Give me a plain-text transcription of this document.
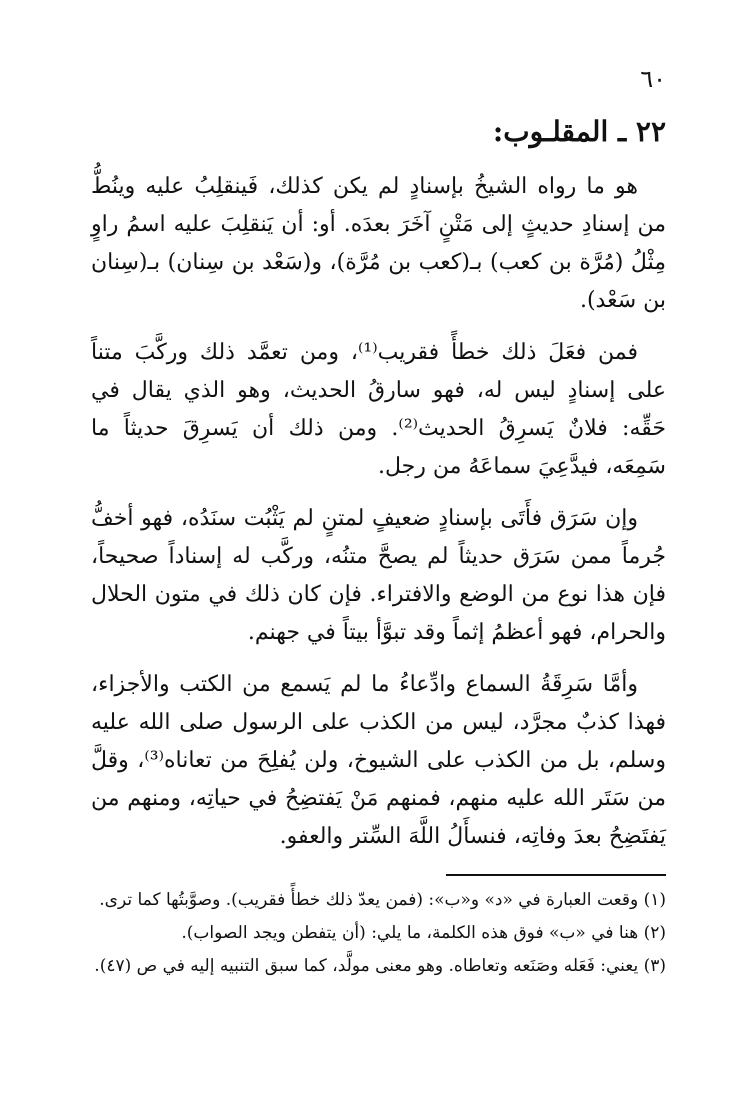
٦٠
٢٢ ـ المقلـوب:

هو ما رواه الشيخُ بإسنادٍ لم يكن كذلك، فَينقلِبُ عليه وينُطُّ من إسنادِ حديثٍ إلى مَتْنٍ آخَرَ بعدَه. أو: أن يَنقلِبَ عليه اسمُ راوٍ مِثْلُ (مُرَّة بن كعب) بـ(كعب بن مُرَّة)، و(سَعْد بن سِنان) بـ(سِنان بن سَعْد).

فمن فعَلَ ذلك خطأً فقريب⁽¹⁾، ومن تعمَّد ذلك وركَّبَ متناً على إسنادٍ ليس له، فهو سارقُ الحديث، وهو الذي يقال في حَقِّه: فلانٌ يَسرِقُ الحديث⁽²⁾. ومن ذلك أن يَسرِقَ حديثاً ما سَمِعَه، فيدَّعِيَ سماعَهُ من رجل.

وإن سَرَق فأَتَى بإسنادٍ ضعيفٍ لمتنٍ لم يَثْبُت سنَدُه، فهو أخفُّ جُرماً ممن سَرَق حديثاً لم يصحَّ متنُه، وركَّب له إسناداً صحيحاً، فإن هذا نوع من الوضع والافتراء. فإن كان ذلك في متون الحلال والحرام، فهو أعظمُ إثماً وقد تبوَّأ بيتاً في جهنم.

وأمَّا سَرِقَةُ السماع وادِّعاءُ ما لم يَسمع من الكتب والأجزاء، فهذا كذبٌ مجرَّد، ليس من الكذب على الرسول صلى الله عليه وسلم، بل من الكذب على الشيوخ، ولن يُفلِحَ من تعاناه⁽³⁾، وقلَّ من سَتَر الله عليه منهم، فمنهم مَنْ يَفتضِحُ في حياتِه، ومنهم من يَفتَضِحُ بعدَ وفاتِه، فنسأَلُ اللَّهَ السِّتر والعفو.

(١) وقعت العبارة في «د» و«ب»: (فمن يعدّ ذلك خطأً فقريب). وصوَّبتُها كما ترى.

(٢) هنا في «ب» فوق هذه الكلمة، ما يلي: (أن يتفطن ويجد الصواب).

(٣) يعني: فَعَله وصَنَعه وتعاطاه. وهو معنى مولَّد، كما سبق التنبيه إليه في ص (٤٧).
